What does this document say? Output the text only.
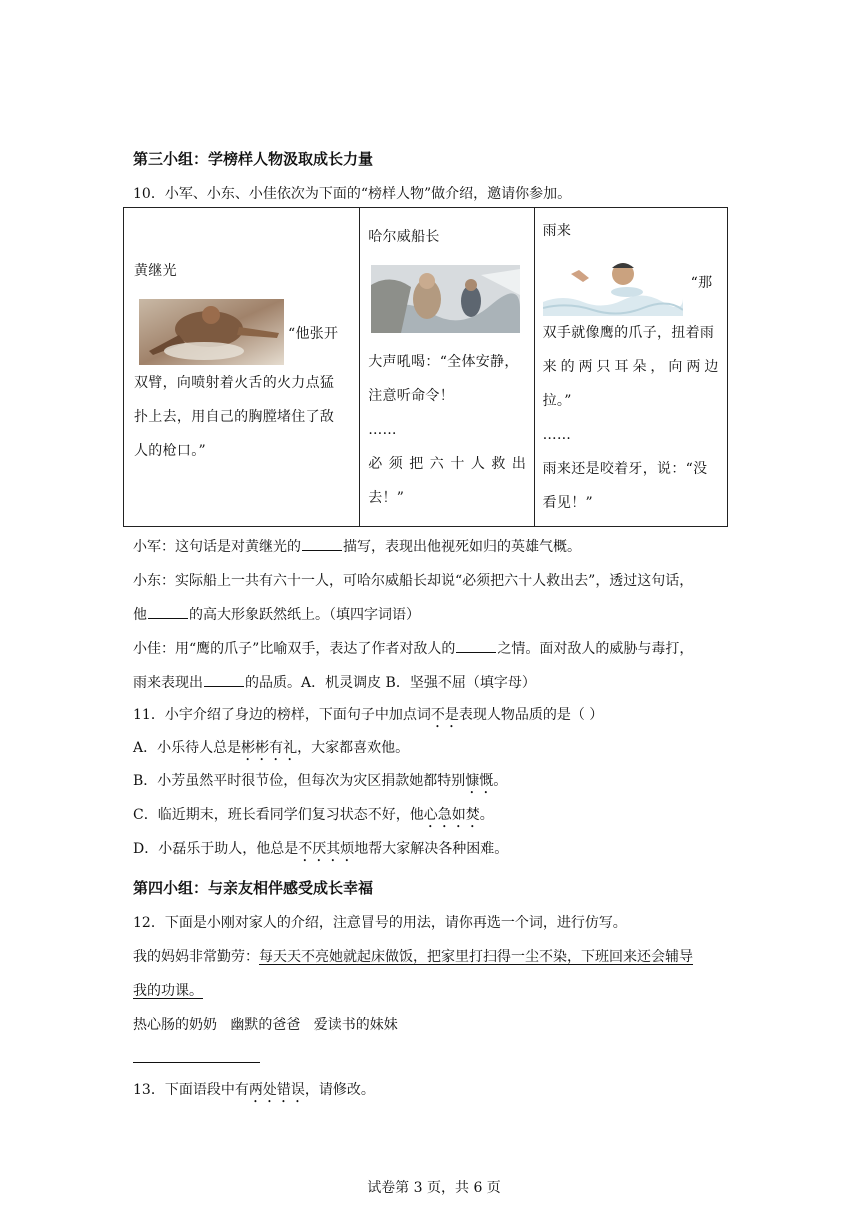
第三小组：学榜样人物汲取成长力量
10．小军、小东、小佳依次为下面的“榜样人物”做介绍，邀请你参加。
黄继光
“他张开
双臂，向喷射着火舌的火力点猛
扑上去，用自己的胸膛堵住了敌
人的枪口。”

哈尔威船长
大声吼喝：“全体安静，
注意听命令！
……
必须把六十人救出
去！”

雨来
“那
双手就像鹰的爪子，扭着雨
来的两只耳朵，向两边
拉。”
……
雨来还是咬着牙，说：“没
看见！”
小军：这句话是对黄继光的	描写，表现出他视死如归的英雄气概。
小东：实际船上一共有六十一人，可哈尔威船长却说“必须把六十人救出去”，透过这句话，
他	的高大形象跃然纸上。（填四字词语）
小佳：用“鹰的爪子”比喻双手，表达了作者对敌人的	之情。面对敌人的威胁与毒打，
雨来表现出	的品质。A．机灵调皮 B．坚强不屈（填字母）
11．小宇介绍了身边的榜样，下面句子中加点词不是表现人物品质的是（ ）
A．小乐待人总是彬彬有礼，大家都喜欢他。
B．小芳虽然平时很节俭，但每次为灾区捐款她都特别慷慨。
C．临近期末，班长看同学们复习状态不好，他心急如焚。
D．小磊乐于助人，他总是不厌其烦地帮大家解决各种困难。
第四小组：与亲友相伴感受成长幸福
12．下面是小刚对家人的介绍，注意冒号的用法，请你再选一个词，进行仿写。
我的妈妈非常勤劳：每天天不亮她就起床做饭，把家里打扫得一尘不染，下班回来还会辅导
我的功课。
热心肠的奶奶   幽默的爸爸   爱读书的妹妹
13．下面语段中有两处错误，请修改。
试卷第 3 页，共 6 页
